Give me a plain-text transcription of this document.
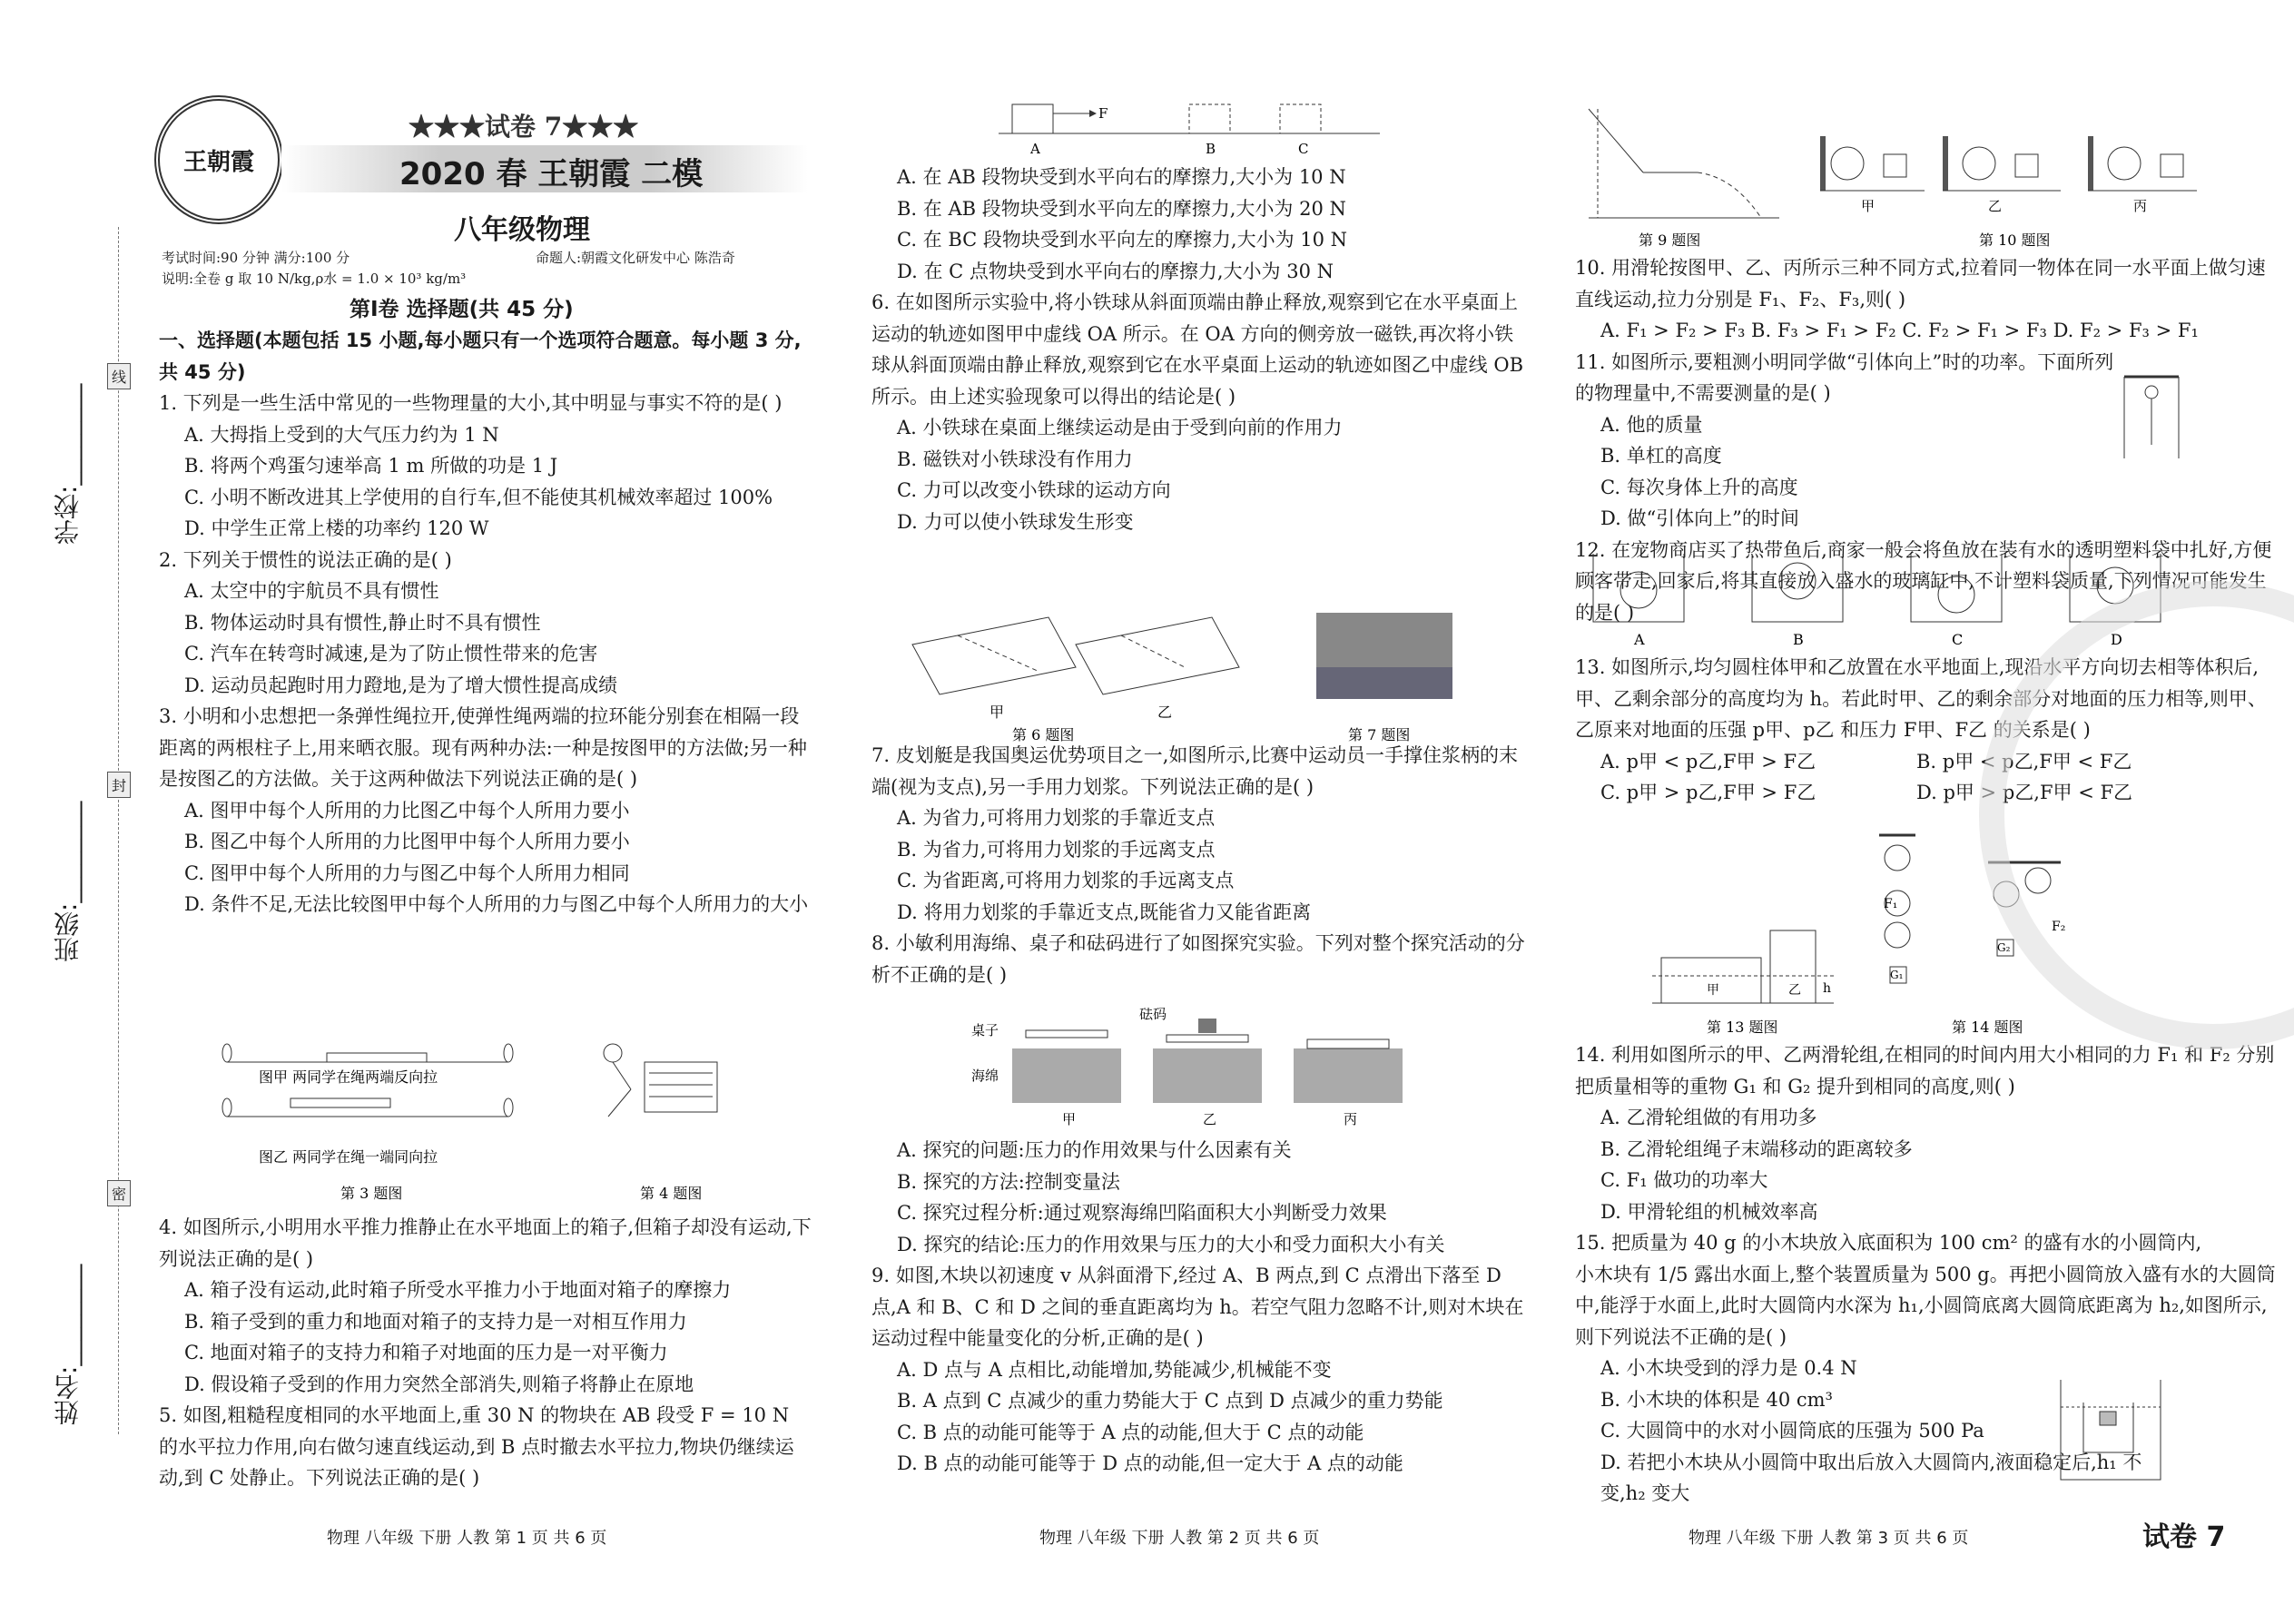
学校:________
班级:________
姓名:________
线
封
密
王朝霞
★★★试卷 7★★★
2020 春 王朝霞 二模
八年级物理
考试时间:90 分钟 满分:100 分	命题人:朝霞文化研发中心 陈浩奇
说明:全卷 g 取 10 N/kg,ρ水 = 1.0 × 10³ kg/m³
第Ⅰ卷 选择题(共 45 分)
一、选择题(本题包括 15 小题,每小题只有一个选项符合题意。每小题 3 分,共 45 分)
1. 下列是一些生活中常见的一些物理量的大小,其中明显与事实不符的是( )
A. 大拇指上受到的大气压力约为 1 N
B. 将两个鸡蛋匀速举高 1 m 所做的功是 1 J
C. 小明不断改进其上学使用的自行车,但不能使其机械效率超过 100%
D. 中学生正常上楼的功率约 120 W
2. 下列关于惯性的说法正确的是( )
A. 太空中的宇航员不具有惯性
B. 物体运动时具有惯性,静止时不具有惯性
C. 汽车在转弯时减速,是为了防止惯性带来的危害
D. 运动员起跑时用力蹬地,是为了增大惯性提高成绩
3. 小明和小忠想把一条弹性绳拉开,使弹性绳两端的拉环能分别套在相隔一段距离的两根柱子上,用来晒衣服。现有两种办法:一种是按图甲的方法做;另一种是按图乙的方法做。关于这两种做法下列说法正确的是( )
A. 图甲中每个人所用的力比图乙中每个人所用力要小
B. 图乙中每个人所用的力比图甲中每个人所用力要小
C. 图甲中每个人所用的力与图乙中每个人所用力相同
D. 条件不足,无法比较图甲中每个人所用的力与图乙中每个人所用力的大小
图甲 两同学在绳两端反向拉
图乙 两同学在绳一端同向拉
第 3 题图	第 4 题图
4. 如图所示,小明用水平推力推静止在水平地面上的箱子,但箱子却没有运动,下列说法正确的是( )
A. 箱子没有运动,此时箱子所受水平推力小于地面对箱子的摩擦力
B. 箱子受到的重力和地面对箱子的支持力是一对相互作用力
C. 地面对箱子的支持力和箱子对地面的压力是一对平衡力
D. 假设箱子受到的作用力突然全部消失,则箱子将静止在原地
5. 如图,粗糙程度相同的水平地面上,重 30 N 的物块在 AB 段受 F = 10 N 的水平拉力作用,向右做匀速直线运动,到 B 点时撤去水平拉力,物块仍继续运动,到 C 处静止。下列说法正确的是( )
F
A	B	C
A. 在 AB 段物块受到水平向右的摩擦力,大小为 10 N
B. 在 AB 段物块受到水平向左的摩擦力,大小为 20 N
C. 在 BC 段物块受到水平向左的摩擦力,大小为 10 N
D. 在 C 点物块受到水平向右的摩擦力,大小为 30 N
6. 在如图所示实验中,将小铁球从斜面顶端由静止释放,观察到它在水平桌面上运动的轨迹如图甲中虚线 OA 所示。在 OA 方向的侧旁放一磁铁,再次将小铁球从斜面顶端由静止释放,观察到它在水平桌面上运动的轨迹如图乙中虚线 OB 所示。由上述实验现象可以得出的结论是( )
A. 小铁球在桌面上继续运动是由于受到向前的作用力
B. 磁铁对小铁球没有作用力
C. 力可以改变小铁球的运动方向
D. 力可以使小铁球发生形变
甲	乙
第 6 题图	第 7 题图
7. 皮划艇是我国奥运优势项目之一,如图所示,比赛中运动员一手撑住浆柄的末端(视为支点),另一手用力划浆。下列说法正确的是( )
A. 为省力,可将用力划浆的手靠近支点
B. 为省力,可将用力划浆的手远离支点
C. 为省距离,可将用力划浆的手远离支点
D. 将用力划浆的手靠近支点,既能省力又能省距离
8. 小敏利用海绵、桌子和砝码进行了如图探究实验。下列对整个探究活动的分析不正确的是( )
桌子
砝码
海绵
甲	乙	丙
A. 探究的问题:压力的作用效果与什么因素有关
B. 探究的方法:控制变量法
C. 探究过程分析:通过观察海绵凹陷面积大小判断受力效果
D. 探究的结论:压力的作用效果与压力的大小和受力面积大小有关
9. 如图,木块以初速度 v 从斜面滑下,经过 A、B 两点,到 C 点滑出下落至 D 点,A 和 B、C 和 D 之间的垂直距离均为 h。若空气阻力忽略不计,则对木块在运动过程中能量变化的分析,正确的是( )
A. D 点与 A 点相比,动能增加,势能减少,机械能不变
B. A 点到 C 点减少的重力势能大于 C 点到 D 点减少的重力势能
C. B 点的动能可能等于 A 点的动能,但大于 C 点的动能
D. B 点的动能可能等于 D 点的动能,但一定大于 A 点的动能
甲	乙	丙
第 9 题图	第 10 题图
10. 用滑轮按图甲、乙、丙所示三种不同方式,拉着同一物体在同一水平面上做匀速直线运动,拉力分别是 F₁、F₂、F₃,则( )
A. F₁ > F₂ > F₃ B. F₃ > F₁ > F₂ C. F₂ > F₁ > F₃ D. F₂ > F₃ > F₁
11. 如图所示,要粗测小明同学做“引体向上”时的功率。下面所列的物理量中,不需要测量的是( )
A. 他的质量
B. 单杠的高度
C. 每次身体上升的高度
D. 做“引体向上”的时间
12. 在宠物商店买了热带鱼后,商家一般会将鱼放在装有水的透明塑料袋中扎好,方便顾客带走,回家后,将其直接放入盛水的玻璃缸中,不计塑料袋质量,下列情况可能发生的是( )
A	B	C	D
13. 如图所示,均匀圆柱体甲和乙放置在水平地面上,现沿水平方向切去相等体积后,甲、乙剩余部分的高度均为 h。若此时甲、乙的剩余部分对地面的压力相等,则甲、乙原来对地面的压强 p甲、p乙 和压力 F甲、F乙 的关系是( )
A. p甲 < p乙,F甲 > F乙	B. p甲 < p乙,F甲 < F乙
C. p甲 > p乙,F甲 > F乙	D. p甲 > p乙,F甲 < F乙
甲	乙 h
F₁
G₁
F₂
G₂
第 13 题图	第 14 题图
14. 利用如图所示的甲、乙两滑轮组,在相同的时间内用大小相同的力 F₁ 和 F₂ 分别把质量相等的重物 G₁ 和 G₂ 提升到相同的高度,则( )
A. 乙滑轮组做的有用功多
B. 乙滑轮组绳子末端移动的距离较多
C. F₁ 做功的功率大
D. 甲滑轮组的机械效率高
15. 把质量为 40 g 的小木块放入底面积为 100 cm² 的盛有水的小圆筒内,
小木块有 1/5 露出水面上,整个装置质量为 500 g。再把小圆筒放入盛有水的大圆筒中,能浮于水面上,此时大圆筒内水深为 h₁,小圆筒底离大圆筒底距离为 h₂,如图所示,则下列说法不正确的是( )
A. 小木块受到的浮力是 0.4 N
B. 小木块的体积是 40 cm³
C. 大圆筒中的水对小圆筒底的压强为 500 Pa
D. 若把小木块从小圆筒中取出后放入大圆筒内,液面稳定后,h₁ 不变,h₂ 变大
物理 八年级 下册 人教 第 1 页 共 6 页	物理 八年级 下册 人教 第 2 页 共 6 页	物理 八年级 下册 人教 第 3 页 共 6 页	试卷 7
